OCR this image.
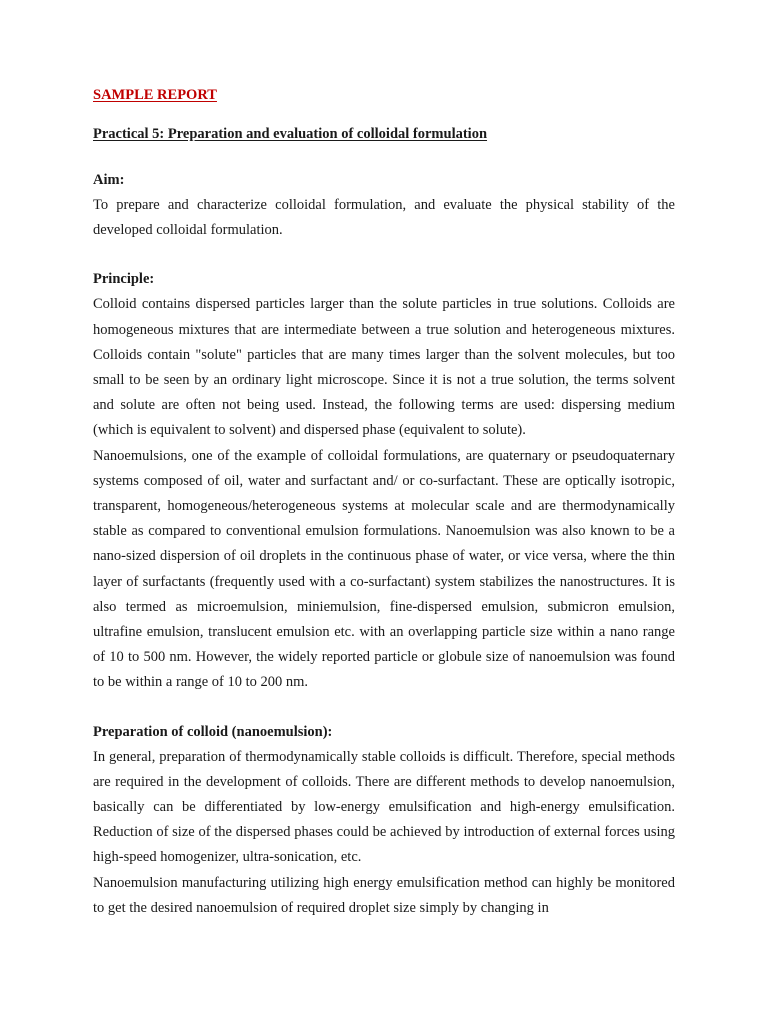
SAMPLE REPORT
Practical 5: Preparation and evaluation of colloidal formulation
Aim:

To prepare and characterize colloidal formulation, and evaluate the physical stability of the developed colloidal formulation.

Principle:

Colloid contains dispersed particles larger than the solute particles in true solutions. Colloids are homogeneous mixtures that are intermediate between a true solution and heterogeneous mixtures. Colloids contain "solute" particles that are many times larger than the solvent molecules, but too small to be seen by an ordinary light microscope. Since it is not a true solution, the terms solvent and solute are often not being used. Instead, the following terms are used: dispersing medium (which is equivalent to solvent) and dispersed phase (equivalent to solute).

Nanoemulsions, one of the example of colloidal formulations, are quaternary or pseudoquaternary systems composed of oil, water and surfactant and/ or co-surfactant. These are optically isotropic, transparent, homogeneous/heterogeneous systems at molecular scale and are thermodynamically stable as compared to conventional emulsion formulations. Nanoemulsion was also known to be a nano-sized dispersion of oil droplets in the continuous phase of water, or vice versa, where the thin layer of surfactants (frequently used with a co-surfactant) system stabilizes the nanostructures. It is also termed as microemulsion, miniemulsion, fine-dispersed emulsion, submicron emulsion, ultrafine emulsion, translucent emulsion etc. with an overlapping particle size within a nano range of 10 to 500 nm. However, the widely reported particle or globule size of nanoemulsion was found to be within a range of 10 to 200 nm.

Preparation of colloid (nanoemulsion):

In general, preparation of thermodynamically stable colloids is difficult. Therefore, special methods are required in the development of colloids. There are different methods to develop nanoemulsion, basically can be differentiated by low-energy emulsification and high-energy emulsification. Reduction of size of the dispersed phases could be achieved by introduction of external forces using high-speed homogenizer, ultra-sonication, etc.

Nanoemulsion manufacturing utilizing high energy emulsification method can highly be monitored to get the desired nanoemulsion of required droplet size simply by changing in
